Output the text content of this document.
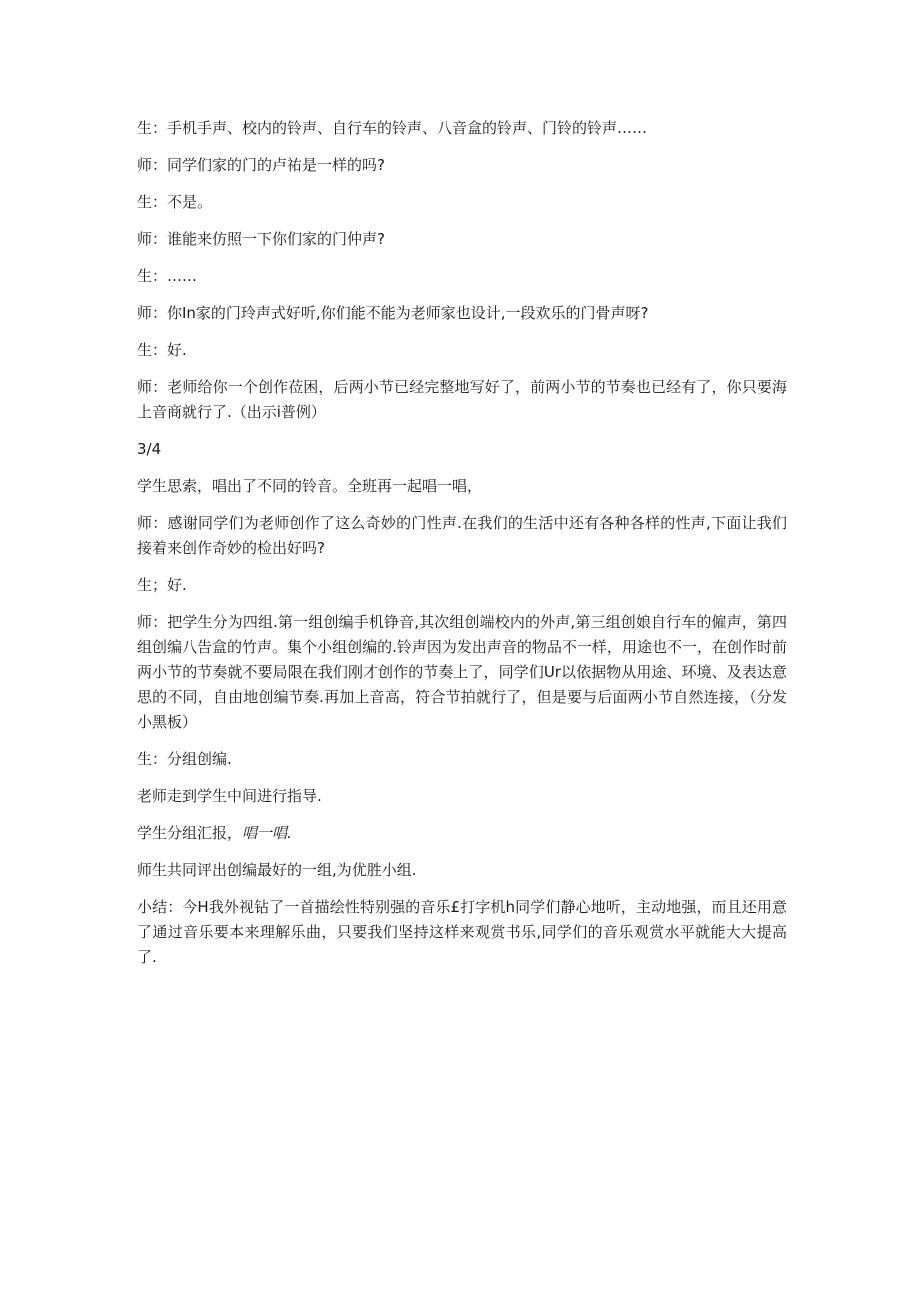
生：手机手声、校内的铃声、自行车的铃声、八音盒的铃声、门铃的铃声……

师：同学们家的门的卢祐是一样的吗?

生：不是。

师：谁能来仿照一下你们家的门仲声?

生：……

师：你In家的门玲声式好听,你们能不能为老师家也设计,一段欢乐的门骨声呀?

生：好.

师：老师给你一个创作莅困，后两小节已经完整地写好了，前两小节的节奏也已经有了，你只要海上音商就行了.（出示i普例）

3/4

学生思索，唱出了不同的铃音。全班再一起唱一唱，

师：感谢同学们为老师创作了这么奇妙的门性声.在我们的生活中还有各种各样的性声,下面让我们接着来创作奇妙的检出好吗?

生；好.

师：把学生分为四组.第一组创编手机铮音,其次组创端校内的外声,第三组创娘自行车的僱声，第四组创编八告盒的竹声。集个小组创编的.铃声因为发出声音的物品不一样，用途也不一，在创作时前两小节的节奏就不要局限在我们刚才创作的节奏上了，同学们Ur以依据物从用途、环境、及表达意思的不同，自由地创编节奏.再加上音高，符合节拍就行了，但是要与后面两小节自然连接，（分发小黑板）

生：分组创编.

老师走到学生中间进行指导.

学生分组汇报，唱一唱.

师生共同评出创编最好的一组,为优胜小组.

小结：今H我外视钻了一首描绘性特别强的音乐£打字机h同学们静心地听，主动地强，而且还用意了通过音乐要本来理解乐曲，只要我们坚持这样来观赏书乐,同学们的音乐观赏水平就能大大提高了.
